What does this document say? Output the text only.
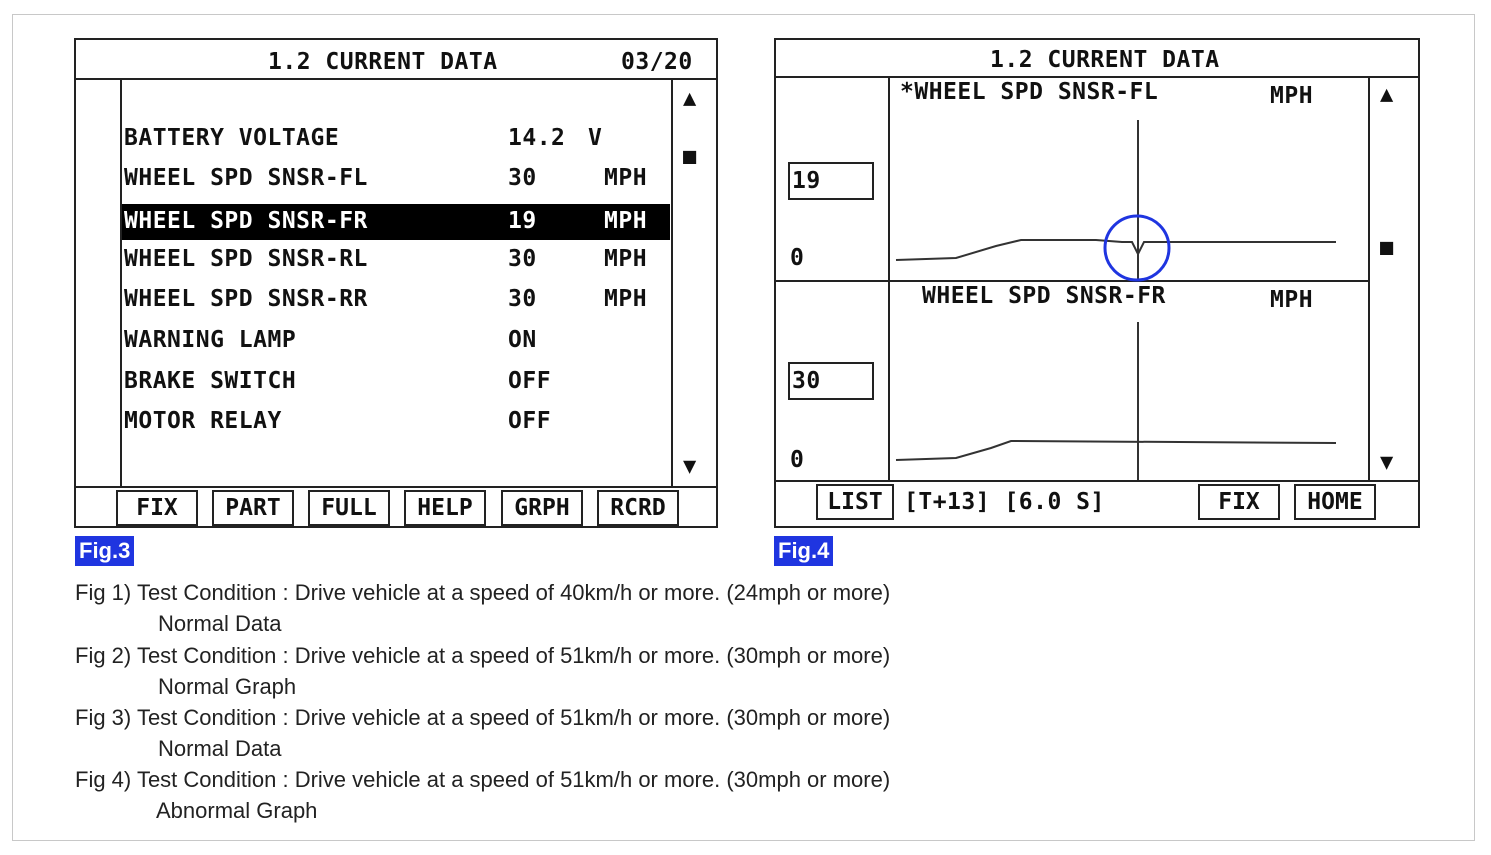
1.2 CURRENT DATA	03/20
BATTERY VOLTAGE	14.2 V
WHEEL SPD SNSR-FL	30	MPH
WHEEL SPD SNSR-FR	19	MPH
WHEEL SPD SNSR-RL	30	MPH
WHEEL SPD SNSR-RR	30	MPH
WARNING LAMP	ON
BRAKE SWITCH	OFF
MOTOR RELAY	OFF
▲
■
▼
FIX	PART	FULL	HELP	GRPH	RCRD
Fig.3
1.2 CURRENT DATA
*WHEEL SPD SNSR-FL	MPH
19
0
WHEEL SPD SNSR-FR	MPH
30
0
▲
■
▼
LIST [T+13] [6.0 S]	FIX	HOME
Fig.4
Fig 1) Test Condition : Drive vehicle at a speed of 40km/h or more. (24mph or more)
Normal Data
Fig 2) Test Condition : Drive vehicle at a speed of 51km/h or more. (30mph or more)
Normal Graph
Fig 3) Test Condition : Drive vehicle at a speed of 51km/h or more. (30mph or more)
Normal Data
Fig 4) Test Condition : Drive vehicle at a speed of 51km/h or more. (30mph or more)
Abnormal Graph
